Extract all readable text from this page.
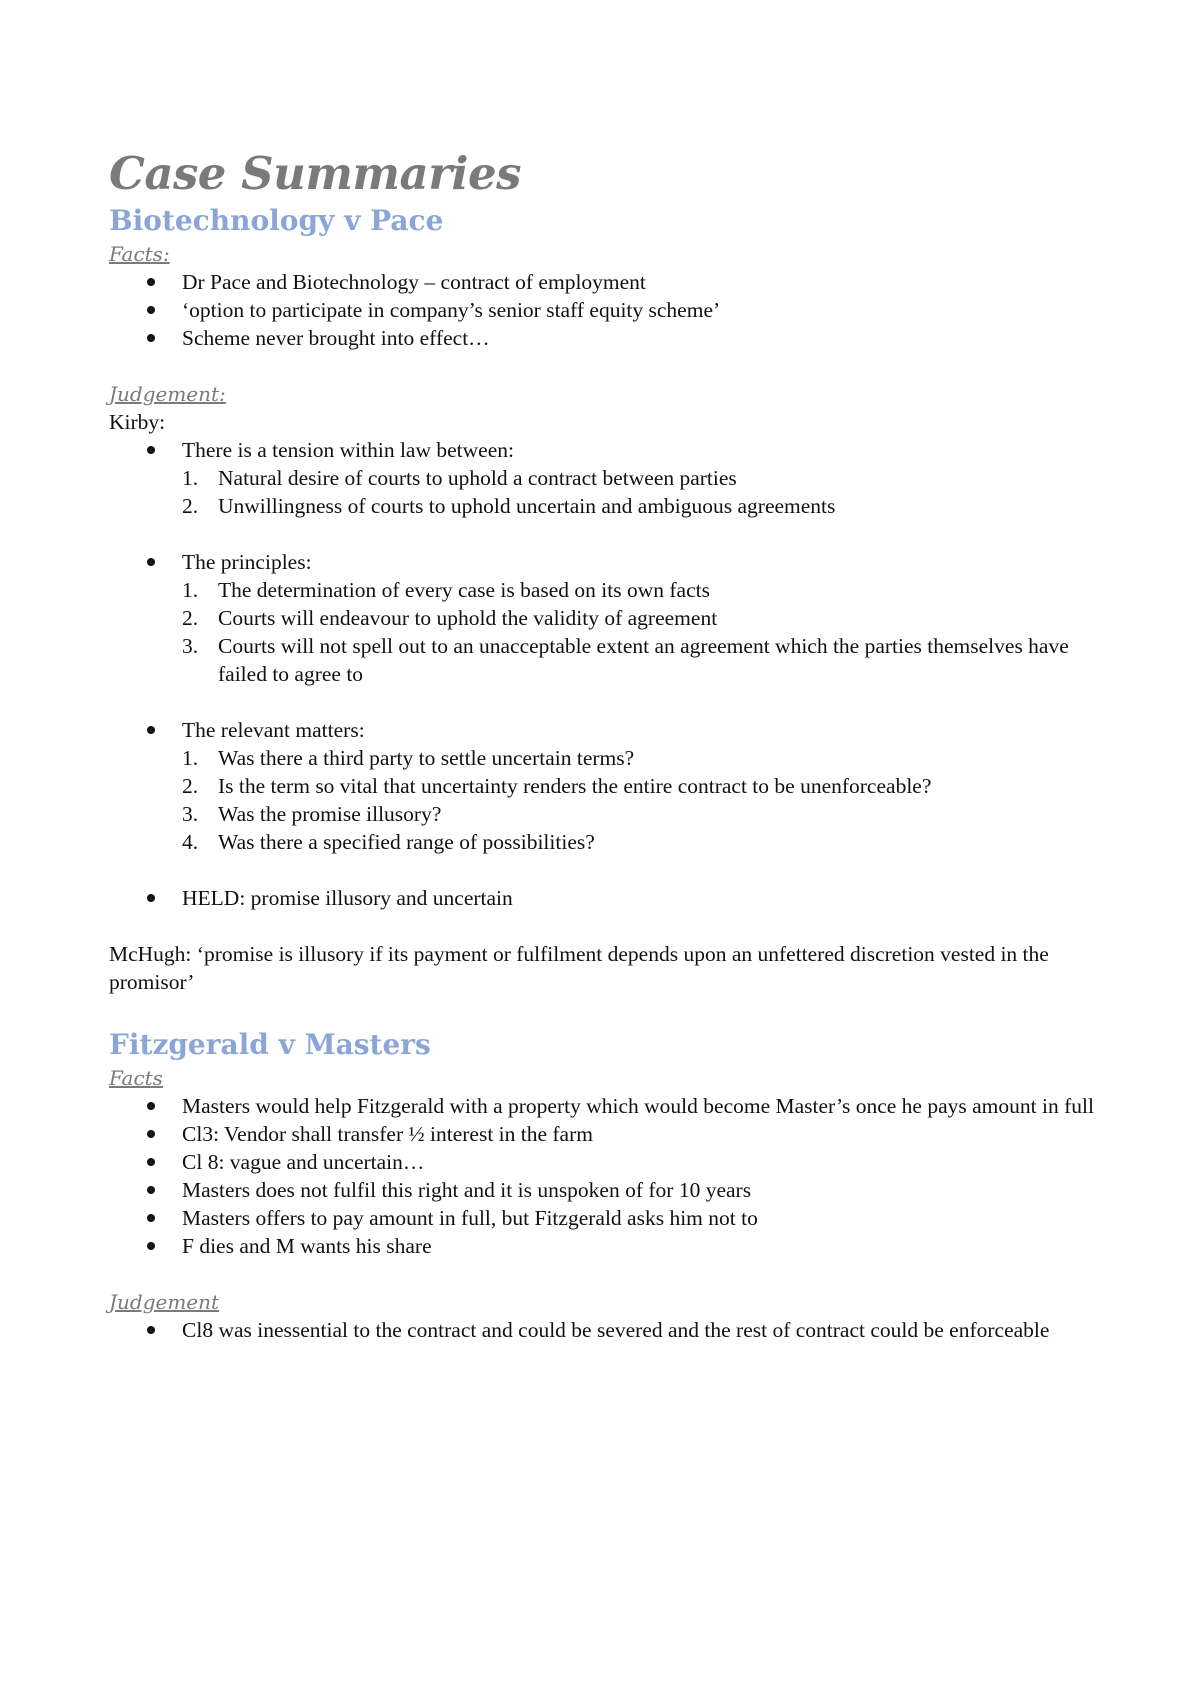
Case Summaries
Biotechnology v Pace

Facts:

Dr Pace and Biotechnology – contract of employment
‘option to participate in company’s senior staff equity scheme’
Scheme never brought into effect…

Judgement:

Kirby:

There is a tension within law between:
1. Natural desire of courts to uphold a contract between parties
2. Unwillingness of courts to uphold uncertain and ambiguous agreements
The principles:
1. The determination of every case is based on its own facts
2. Courts will endeavour to uphold the validity of agreement
3. Courts will not spell out to an unacceptable extent an agreement which the parties themselves have failed to agree to
The relevant matters:
1. Was there a third party to settle uncertain terms?
2. Is the term so vital that uncertainty renders the entire contract to be unenforceable?
3. Was the promise illusory?
4. Was there a specified range of possibilities?
HELD: promise illusory and uncertain

McHugh: ‘promise is illusory if its payment or fulfilment depends upon an unfettered discretion vested in the promisor’

Fitzgerald v Masters

Facts

Masters would help Fitzgerald with a property which would become Master’s once he pays amount in full
Cl3: Vendor shall transfer ½ interest in the farm
Cl 8: vague and uncertain…
Masters does not fulfil this right and it is unspoken of for 10 years
Masters offers to pay amount in full, but Fitzgerald asks him not to
F dies and M wants his share

Judgement

Cl8 was inessential to the contract and could be severed and the rest of contract could be enforceable
